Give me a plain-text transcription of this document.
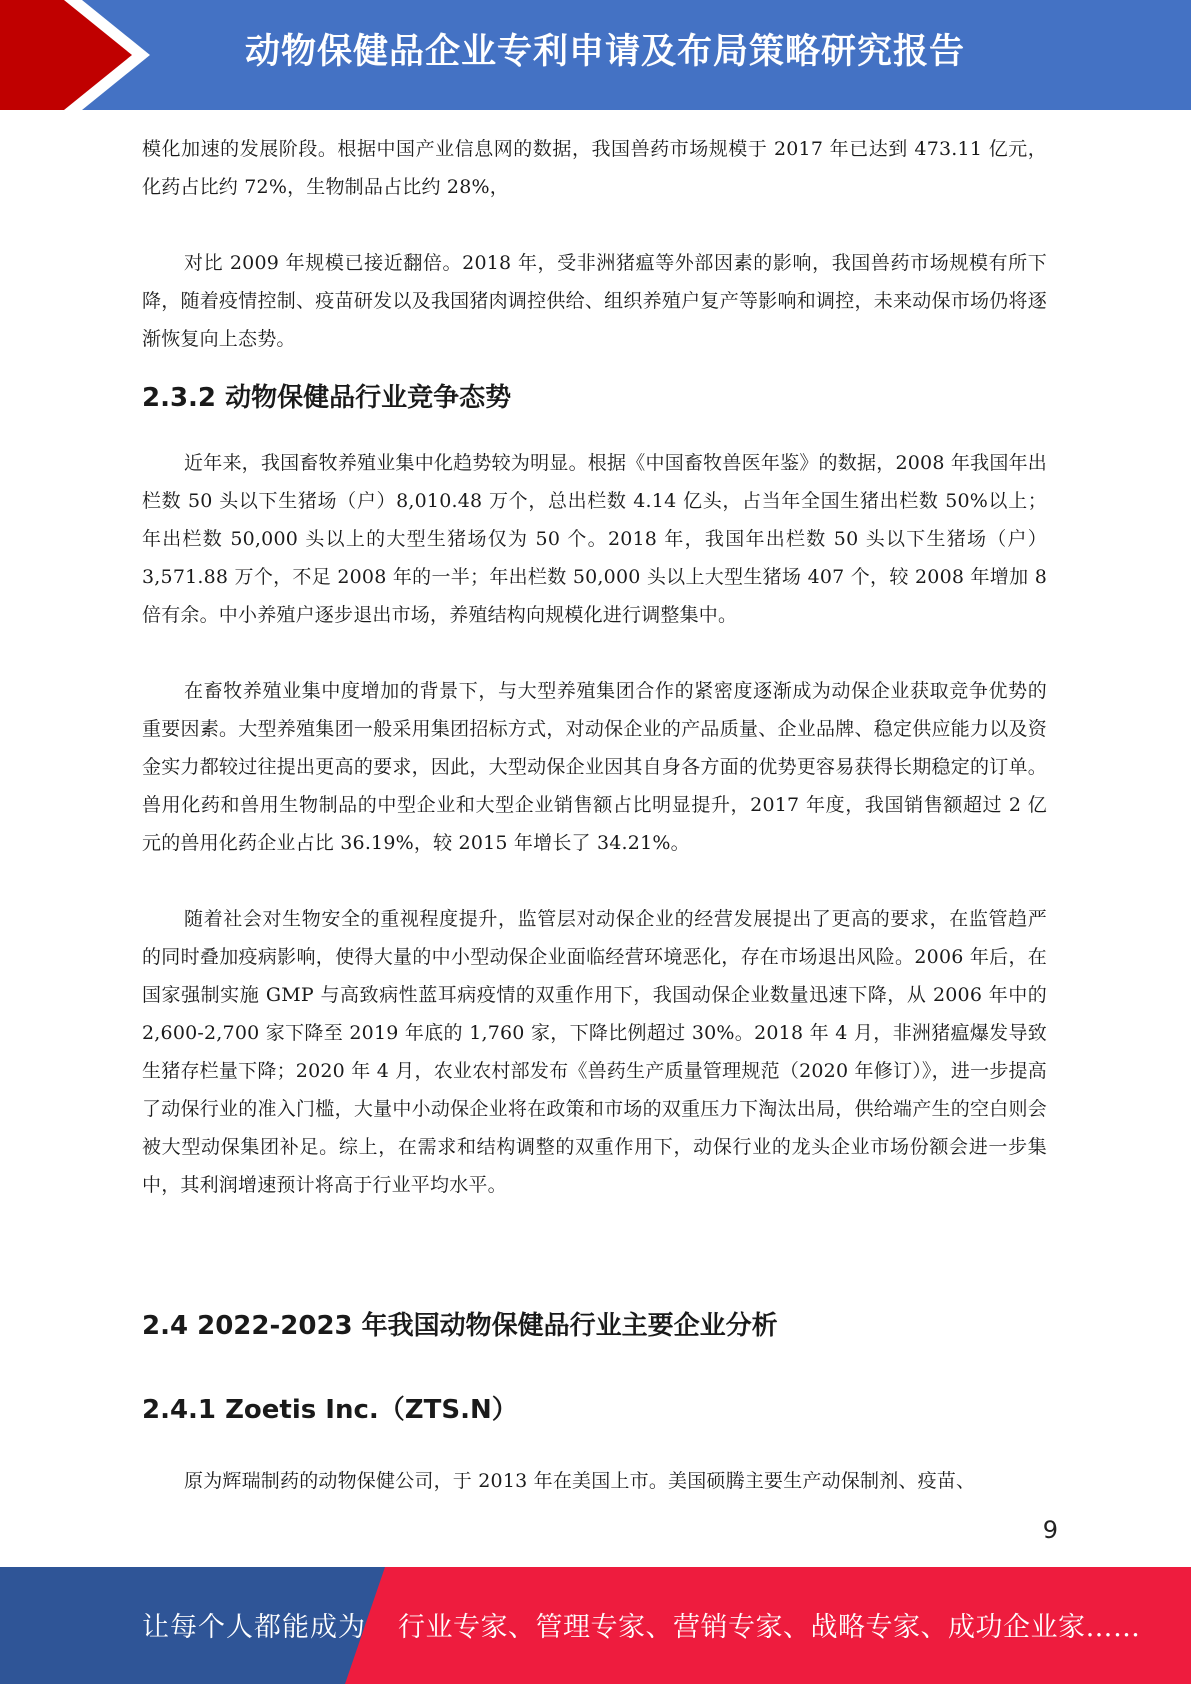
动物保健品企业专利申请及布局策略研究报告

模化加速的发展阶段。根据中国产业信息网的数据，我国兽药市场规模于 2017 年已达到 473.11 亿元，化药占比约 72%，生物制品占比约 28%，

对比 2009 年规模已接近翻倍。2018 年，受非洲猪瘟等外部因素的影响，我国兽药市场规模有所下降，随着疫情控制、疫苗研发以及我国猪肉调控供给、组织养殖户复产等影响和调控，未来动保市场仍将逐渐恢复向上态势。

2.3.2 动物保健品行业竞争态势

近年来，我国畜牧养殖业集中化趋势较为明显。根据《中国畜牧兽医年鉴》的数据，2008 年我国年出栏数 50 头以下生猪场（户）8,010.48 万个，总出栏数 4.14 亿头，占当年全国生猪出栏数 50%以上；年出栏数 50,000 头以上的大型生猪场仅为 50 个。2018 年，我国年出栏数 50 头以下生猪场（户）3,571.88 万个，不足 2008 年的一半；年出栏数 50,000 头以上大型生猪场 407 个，较 2008 年增加 8 倍有余。中小养殖户逐步退出市场，养殖结构向规模化进行调整集中。

在畜牧养殖业集中度增加的背景下，与大型养殖集团合作的紧密度逐渐成为动保企业获取竞争优势的重要因素。大型养殖集团一般采用集团招标方式，对动保企业的产品质量、企业品牌、稳定供应能力以及资金实力都较过往提出更高的要求，因此，大型动保企业因其自身各方面的优势更容易获得长期稳定的订单。兽用化药和兽用生物制品的中型企业和大型企业销售额占比明显提升，2017 年度，我国销售额超过 2 亿元的兽用化药企业占比 36.19%，较 2015 年增长了 34.21%。

随着社会对生物安全的重视程度提升，监管层对动保企业的经营发展提出了更高的要求，在监管趋严的同时叠加疫病影响，使得大量的中小型动保企业面临经营环境恶化，存在市场退出风险。2006 年后，在国家强制实施 GMP 与高致病性蓝耳病疫情的双重作用下，我国动保企业数量迅速下降，从 2006 年中的 2,600-2,700 家下降至 2019 年底的 1,760 家，下降比例超过 30%。2018 年 4 月，非洲猪瘟爆发导致生猪存栏量下降；2020 年 4 月，农业农村部发布《兽药生产质量管理规范（2020 年修订）》，进一步提高了动保行业的准入门槛，大量中小动保企业将在政策和市场的双重压力下淘汰出局，供给端产生的空白则会被大型动保集团补足。综上，在需求和结构调整的双重作用下，动保行业的龙头企业市场份额会进一步集中，其利润增速预计将高于行业平均水平。

2.4 2022-2023 年我国动物保健品行业主要企业分析
2.4.1 Zoetis Inc.（ZTS.N）

原为辉瑞制药的动物保健公司，于 2013 年在美国上市。美国硕腾主要生产动保制剂、疫苗、

9
让每个人都能成为 行业专家、管理专家、营销专家、战略专家、成功企业家……
